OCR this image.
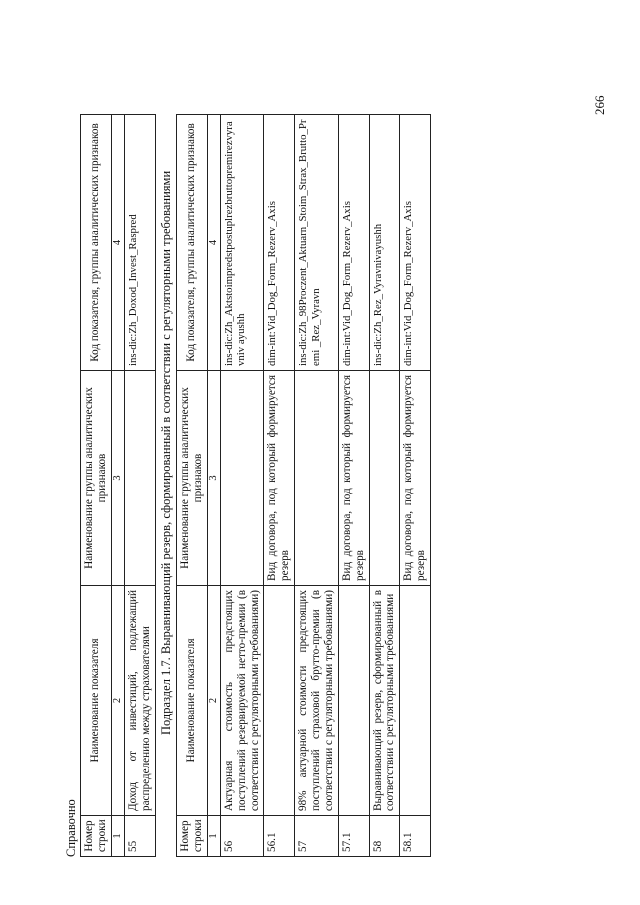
Справочно Номер строки	Наименование показателя	Наименование группы аналитических признаков	Код показателя, группы аналитических признаков
1	2	3	4
55	Доход от инвестиций, подлежащий распределению между страхователями		ins-dic:Zh_Doxod_Invest_Raspred Подраздел 1.7. Выравнивающий резерв, сформированный в соответствии с регуляторными требованиями
Номер строки	Наименование показателя	Наименование группы аналитических признаков	Код показателя, группы аналитических признаков
1	2	3	4
56	Актуарная стоимость предстоящих поступлений резервируемой нетто-премии (в соответствии с регуляторными требованиями)		ins-dic:Zh_Aktstoimpredstpostuplrezbruttopremirezvyravniv ayushh
56.1		Вид договора, под который формируется резерв	dim-int:Vid_Dog_Form_Rezerv_Axis
57	98% актуарной стоимости предстоящих поступлений страховой брутто-премии (в соответствии с регуляторными требованиями)		ins-dic:Zh_98Proczent_Aktuarn_Stoim_Strax_Brutto_Premi _Rez_Vyravn
57.1		Вид договора, под который формируется резерв	dim-int:Vid_Dog_Form_Rezerv_Axis
58	Выравнивающий резерв, сформированный в соответствии с регуляторными требованиями		ins-dic:Zh_Rez_Vyravnivayushh
58.1		Вид договора, под который формируется резерв	dim-int:Vid_Dog_Form_Rezerv_Axis
266
